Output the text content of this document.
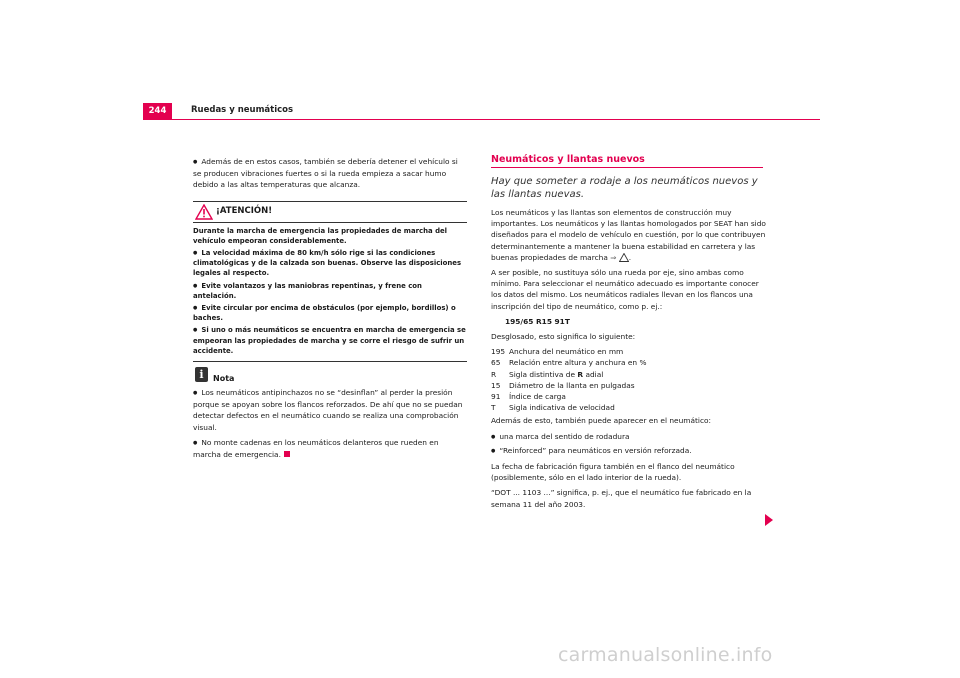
244	Ruedas y neumáticos

● Además de en estos casos, también se debería detener el vehículo si se producen vibraciones fuertes o si la rueda empieza a sacar humo debido a las altas temperaturas que alcanza.

¡ATENCIÓN!

Durante la marcha de emergencia las propiedades de marcha del vehículo empeoran considerablemente.

● La velocidad máxima de 80 km/h sólo rige si las condiciones climatológicas y de la calzada son buenas. Observe las disposiciones legales al respecto.

● Evite volantazos y las maniobras repentinas, y frene con antelación.

● Evite circular por encima de obstáculos (por ejemplo, bordillos) o baches.

● Si uno o más neumáticos se encuentra en marcha de emergencia se empeoran las propiedades de marcha y se corre el riesgo de sufrir un accidente.

i	Nota

● Los neumáticos antipinchazos no se “desinflan” al perder la presión porque se apoyan sobre los flancos reforzados. De ahí que no se puedan detectar defectos en el neumático cuando se realiza una comprobación visual.

● No monte cadenas en los neumáticos delanteros que rueden en marcha de emergencia.

Neumáticos y llantas nuevos

Hay que someter a rodaje a los neumáticos nuevos y las llantas nuevas.

Los neumáticos y las llantas son elementos de construcción muy importantes. Los neumáticos y las llantas homologados por SEAT han sido diseñados para el modelo de vehículo en cuestión, por lo que contribuyen determinantemente a mantener la buena estabilidad en carretera y las buenas propiedades de marcha ⇒ .

A ser posible, no sustituya sólo una rueda por eje, sino ambas como mínimo. Para seleccionar el neumático adecuado es importante conocer los datos del mismo. Los neumáticos radiales llevan en los flancos una inscripción del tipo de neumático, como p. ej.:

195/65 R15 91T

Desglosado, esto significa lo siguiente:

195 Anchura del neumático en mm
65	Relación entre altura y anchura en %
R	Sigla distintiva de R adial
15	Diámetro de la llanta en pulgadas
91	Índice de carga
T	Sigla indicativa de velocidad

Además de esto, también puede aparecer en el neumático:

● una marca del sentido de rodadura

● “Reinforced” para neumáticos en versión reforzada.

La fecha de fabricación figura también en el flanco del neumático (posiblemente, sólo en el lado interior de la rueda).

“DOT ... 1103 ...” significa, p. ej., que el neumático fue fabricado en la semana 11 del año 2003.

carmanualsonline.info
